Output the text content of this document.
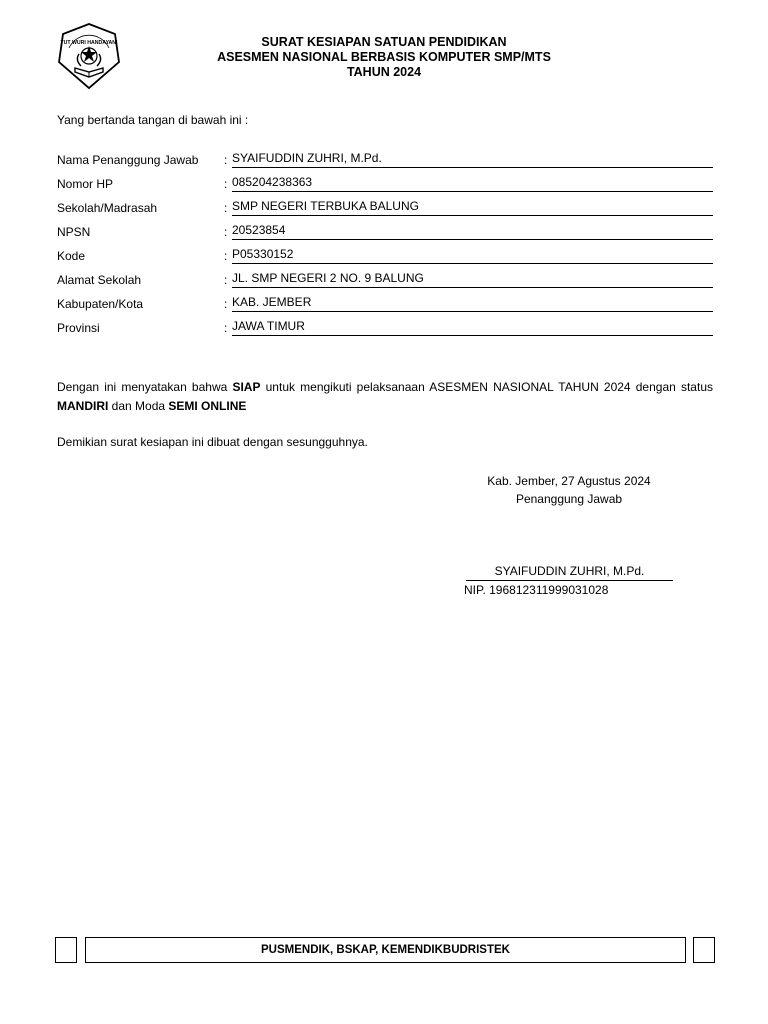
TUT WURI HANDAYANI	SURAT KESIAPAN SATUAN PENDIDIKAN
ASESMEN NASIONAL BERBASIS KOMPUTER SMP/MTS
TAHUN 2024
Yang bertanda tangan di bawah ini :
Nama Penanggung Jawab : SYAIFUDDIN ZUHRI, M.Pd.
Nomor HP	: 085204238363
Sekolah/Madrasah	: SMP NEGERI TERBUKA BALUNG
NPSN	: 20523854
Kode	: P05330152
Alamat Sekolah	: JL. SMP NEGERI 2 NO. 9 BALUNG
Kabupaten/Kota	: KAB. JEMBER
Provinsi	: JAWA TIMUR
Dengan ini menyatakan bahwa SIAP untuk mengikuti pelaksanaan ASESMEN NASIONAL TAHUN 2024 dengan status MANDIRI dan Moda SEMI ONLINE
Demikian surat kesiapan ini dibuat dengan sesungguhnya.
Kab. Jember, 27 Agustus 2024
Penanggung Jawab
SYAIFUDDIN ZUHRI, M.Pd.
NIP. 196812311999031028
PUSMENDIK, BSKAP, KEMENDIKBUDRISTEK
